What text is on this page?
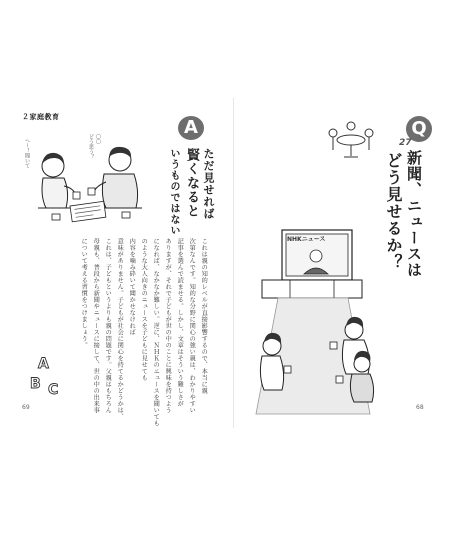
２家庭教育
へ～！聞いて	〇〇
どう思う？
A
ただ見せれば
賢くなると
いうものではない
これは親の知的レベルが直接影響するので、本当に親
次第なんです。知的な分野に関心の強い親は、わかりやすい
記事を選んで読ませる。しかし、文章はそういう難しさが
ありますが、それで子どもが世の中のことに興味を持つよう
になれば、なかなか難しい。逆に、ＮＨＫのニュースを聞いても
のような大人向きのニュースを子どもに見せても
内容を噛み砕いて聞かせなければ
意味がありません。子どもが社会に関心を持てるかどうかは、
これは、子どもというよりも親の問題です。父親はもちろん
母親も、普段から新聞やニュースに接して、世の中の出来事
について考える習慣をつけましょう。
A
B C
69
Q
27
新聞、ニュースは
どう見せるか？
NHKニュース
68
